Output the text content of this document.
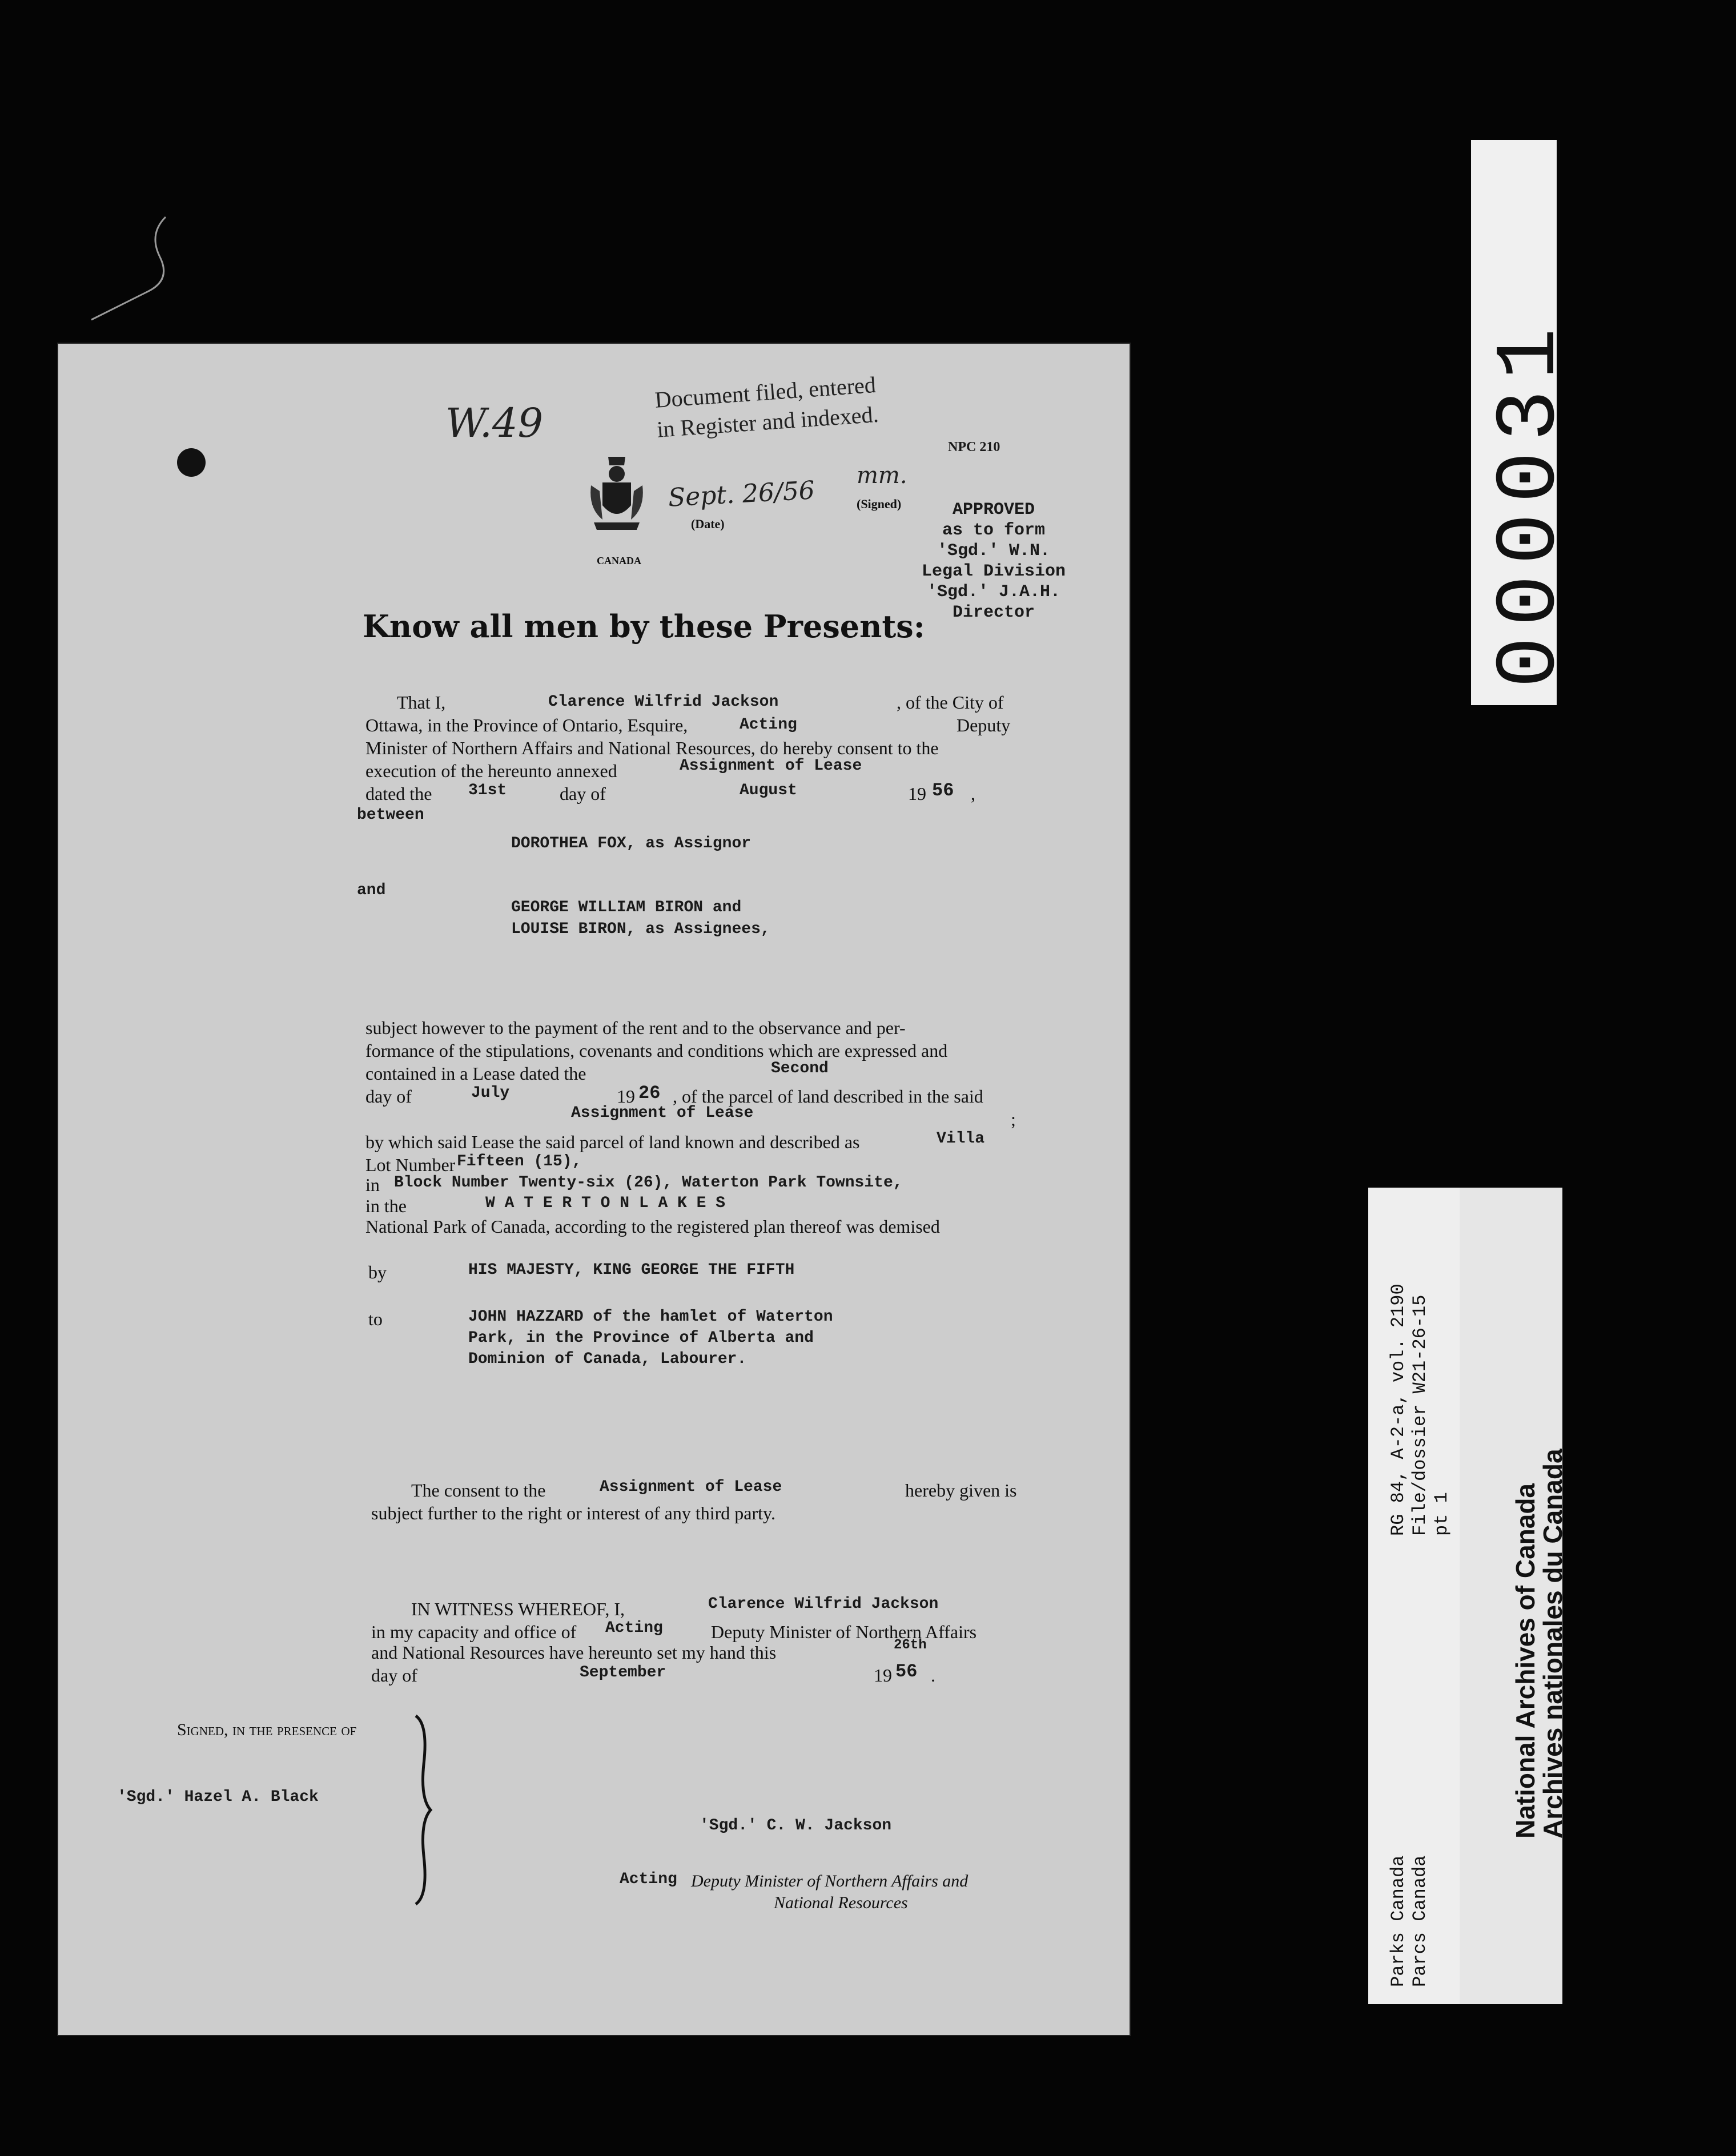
000031
RG 84, A-2-a, vol. 2190 File/dossier W21-26-15 pt 1
Parks Canada Parcs Canada
National Archives of Canada
Archives nationales du Canada
W.49
Document filed, entered
in Register and indexed.
NPC 210
CANADA
Sept. 26/56
mm.
(Date)
(Signed)	APPROVED
as to form
'Sgd.' W.N.
Legal Division
'Sgd.' J.A.H.
Director
Know all men by these Presents:
That I,	Clarence Wilfrid Jackson	, of the City of
Ottawa, in the Province of Ontario, Esquire,	Acting	Deputy
Minister of Northern Affairs and National Resources, do hereby consent to the
execution of the hereunto annexed	Assignment of Lease
dated the 31st	day of	August	19 56 ,
between
DOROTHEA FOX, as Assignor
and
GEORGE WILLIAM BIRON and
LOUISE BIRON, as Assignees,
subject however to the payment of the rent and to the observance and per-
formance of the stipulations, covenants and conditions which are expressed and
contained in a Lease dated the	Second
day of	July	19 26 , of the parcel of land described in the said
Assignment of Lease	;
by which said Lease the said parcel of land known and described as	Villa
Lot Number Fifteen (15),
in Block Number Twenty-six (26), Waterton Park Townsite,
in the	W A T E R T O N L A K E S
National Park of Canada, according to the registered plan thereof was demised
by	HIS MAJESTY, KING GEORGE THE FIFTH
to	JOHN HAZZARD of the hamlet of Waterton
Park, in the Province of Alberta and
Dominion of Canada, Labourer.
The consent to the	Assignment of Lease	hereby given is
subject further to the right or interest of any third party.
IN WITNESS WHEREOF, I,	Clarence Wilfrid Jackson
in my capacity and office of Acting	Deputy Minister of Northern Affairs
and National Resources have hereunto set my hand this	26th
day of	September	19 56 .
Signed, in the presence of
'Sgd.' Hazel A. Black
'Sgd.' C. W. Jackson
Acting Deputy Minister of Northern Affairs and
National Resources
